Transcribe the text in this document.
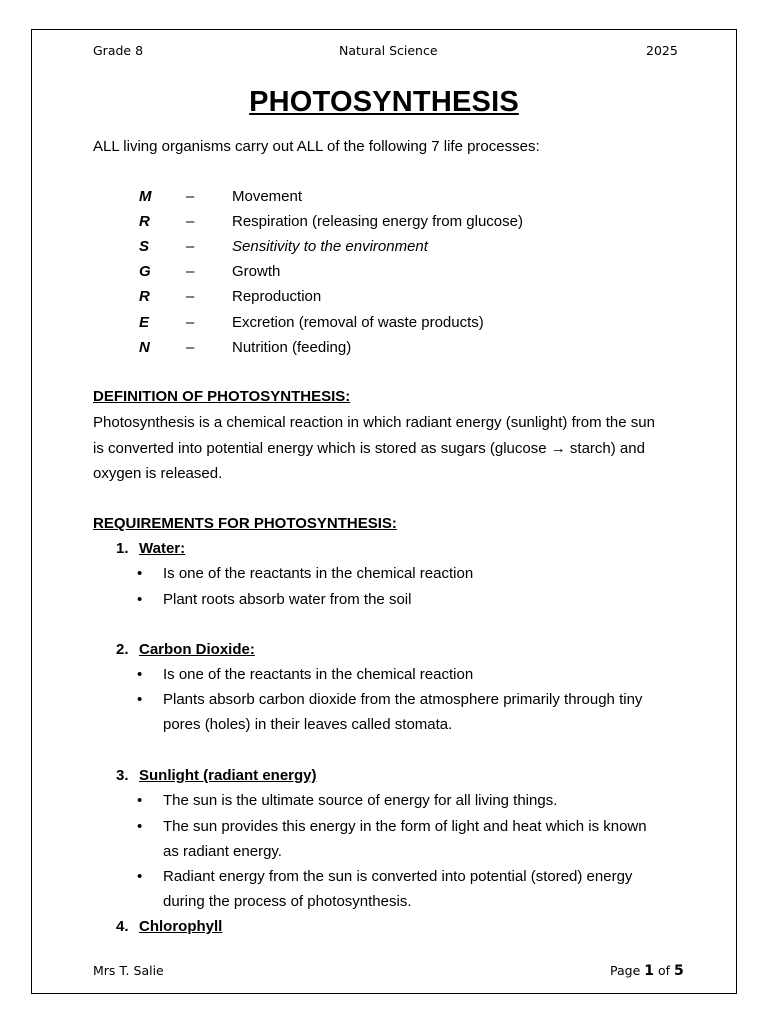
Grade 8	Natural Science	2025
PHOTOSYNTHESIS
ALL living organisms carry out ALL of the following 7 life processes:
M –	Movement
R –	Respiration (releasing energy from glucose)
S –	Sensitivity to the environment
G –	Growth
R –	Reproduction
E –	Excretion (removal of waste products)
N –	Nutrition (feeding)
DEFINITION OF PHOTOSYNTHESIS:
Photosynthesis is a chemical reaction in which radiant energy (sunlight) from the sun
is converted into potential energy which is stored as sugars (glucose → starch) and
oxygen is released.
REQUIREMENTS FOR PHOTOSYNTHESIS:
1. Water:
• Is one of the reactants in the chemical reaction
• Plant roots absorb water from the soil
2. Carbon Dioxide:
• Is one of the reactants in the chemical reaction
• Plants absorb carbon dioxide from the atmosphere primarily through tiny
pores (holes) in their leaves called stomata.
3. Sunlight (radiant energy)
• The sun is the ultimate source of energy for all living things.
• The sun provides this energy in the form of light and heat which is known
as radiant energy.
• Radiant energy from the sun is converted into potential (stored) energy
during the process of photosynthesis.
4. Chlorophyll
Mrs T. Salie	Page 1 of 5
